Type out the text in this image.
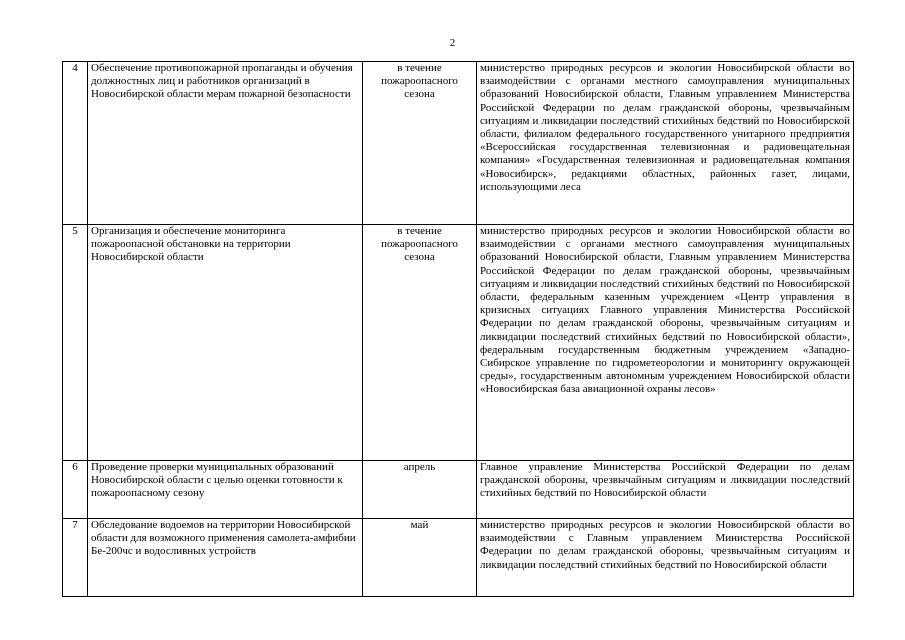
2
4	Обеспечение противопожарной пропаганды и обучения должностных лиц и работников организаций в Новосибирской области мерам пожарной безопасности	в течение пожароопасного сезона	министерство природных ресурсов и экологии Новосибирской области во взаимодействии с органами местного самоуправления муниципальных образований Новосибирской области, Главным управлением Министерства Российской Федерации по делам гражданской обороны, чрезвычайным ситуациям и ликвидации последствий стихийных бедствий по Новосибирской области, филиалом федерального государственного унитарного предприятия «Всероссийская государственная телевизионная и радиовещательная компания» «Государственная телевизионная и радиовещательная компания «Новосибирск», редакциями областных, районных газет, лицами, использующими леса
5	Организация и обеспечение мониторинга пожароопасной обстановки на территории Новосибирской области	в течение пожароопасного сезона	министерство природных ресурсов и экологии Новосибирской области во взаимодействии с органами местного самоуправления муниципальных образований Новосибирской области, Главным управлением Министерства Российской Федерации по делам гражданской обороны, чрезвычайным ситуациям и ликвидации последствий стихийных бедствий по Новосибирской области, федеральным казенным учреждением «Центр управления в кризисных ситуациях Главного управления Министерства Российской Федерации по делам гражданской обороны, чрезвычайным ситуациям и ликвидации последствий стихийных бедствий по Новосибирской области», федеральным государственным бюджетным учреждением «Западно-Сибирское управление по гидрометеорологии и мониторингу окружающей среды», государственным автономным учреждением Новосибирской области «Новосибирская база авиационной охраны лесов»
6	Проведение проверки муниципальных образований Новосибирской области с целью оценки готовности к пожароопасному сезону	апрель	Главное управление Министерства Российской Федерации по делам гражданской обороны, чрезвычайным ситуациям и ликвидации последствий стихийных бедствий по Новосибирской области
7	Обследование водоемов на территории Новосибирской области для возможного применения самолета-амфибии Бе-200чс и водосливных устройств	май	министерство природных ресурсов и экологии Новосибирской области во взаимодействии с Главным управлением Министерства Российской Федерации по делам гражданской обороны, чрезвычайным ситуациям и ликвидации последствий стихийных бедствий по Новосибирской области
